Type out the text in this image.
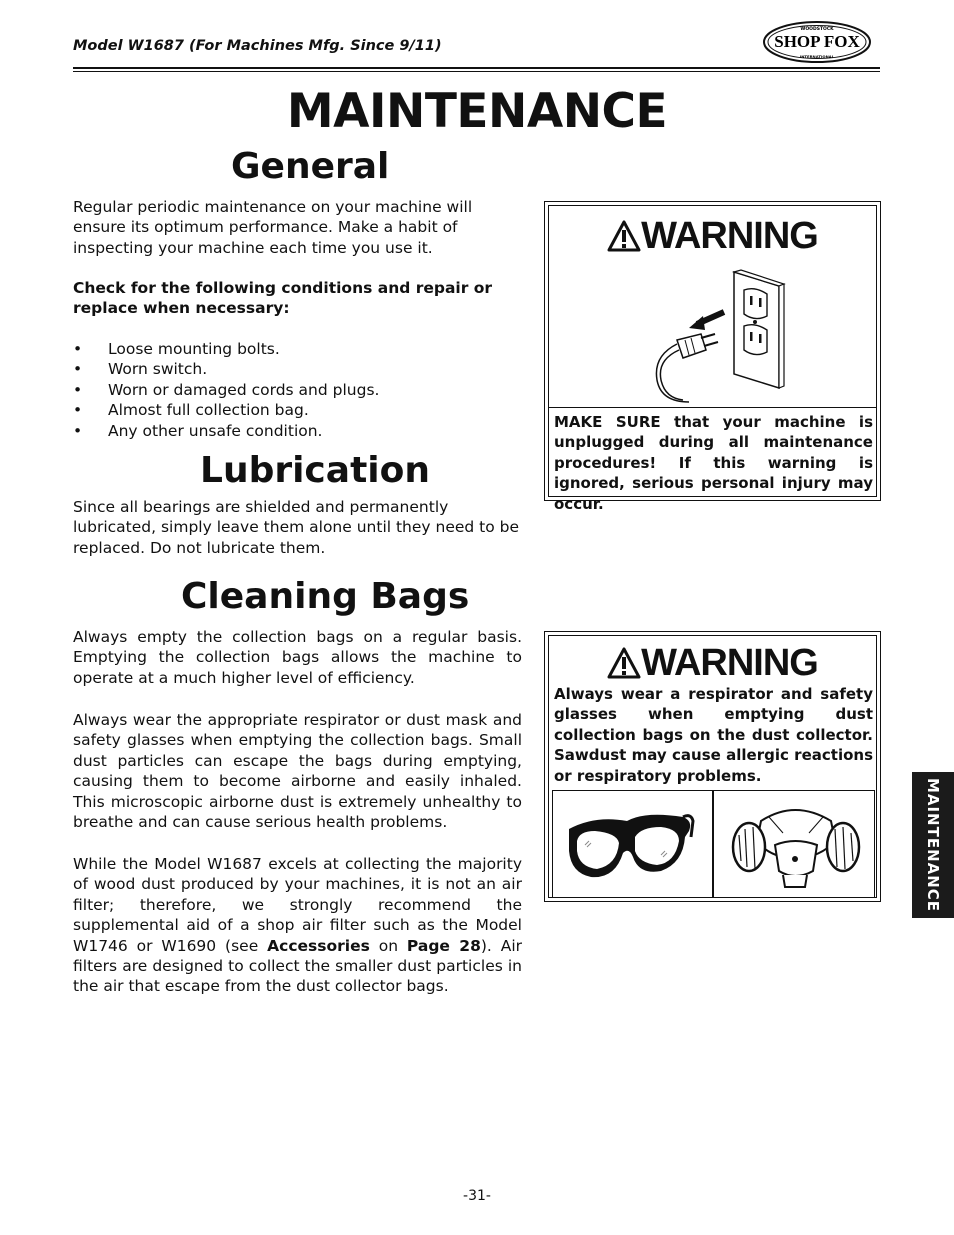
Model W1687 (For Machines Mfg. Since 9/11)
WOODSTOCK
SHOP FOX
INTERNATIONAL
MAINTENANCE
General
Regular periodic maintenance on your machine will
ensure its optimum performance. Make a habit of
inspecting your machine each time you use it.
Check for the following conditions and repair or
replace when necessary:
• Loose mounting bolts.
• Worn switch.
• Worn or damaged cords and plugs.
• Almost full collection bag.
• Any other unsafe condition.
WARNING
MAKE SURE that your machine is unplugged during all maintenance procedures! If this warning is ignored, serious personal injury may occur.
Lubrication
Since all bearings are shielded and permanently
lubricated, simply leave them alone until they need to be
replaced. Do not lubricate them.
Cleaning Bags
Always empty the collection bags on a regular basis. Emptying the collection bags allows the machine to operate at a much higher level of efficiency.
Always wear the appropriate respirator or dust mask and safety glasses when emptying the collection bags. Small dust particles can escape the bags during emptying, causing them to become airborne and easily inhaled. This microscopic airborne dust is extremely unhealthy to breathe and can cause serious health problems.
While the Model W1687 excels at collecting the majority of wood dust produced by your machines, it is not an air filter; therefore, we strongly recommend the supplemental aid of a shop air filter such as the Model W1746 or W1690 (see Accessories on Page 28). Air filters are designed to collect the smaller dust particles in the air that escape from the dust collector bags.
WARNING
Always wear a respirator and safety glasses when emptying dust collection bags on the dust collector. Sawdust may cause allergic reactions or respiratory problems.
MAINTENANCE
-31-
